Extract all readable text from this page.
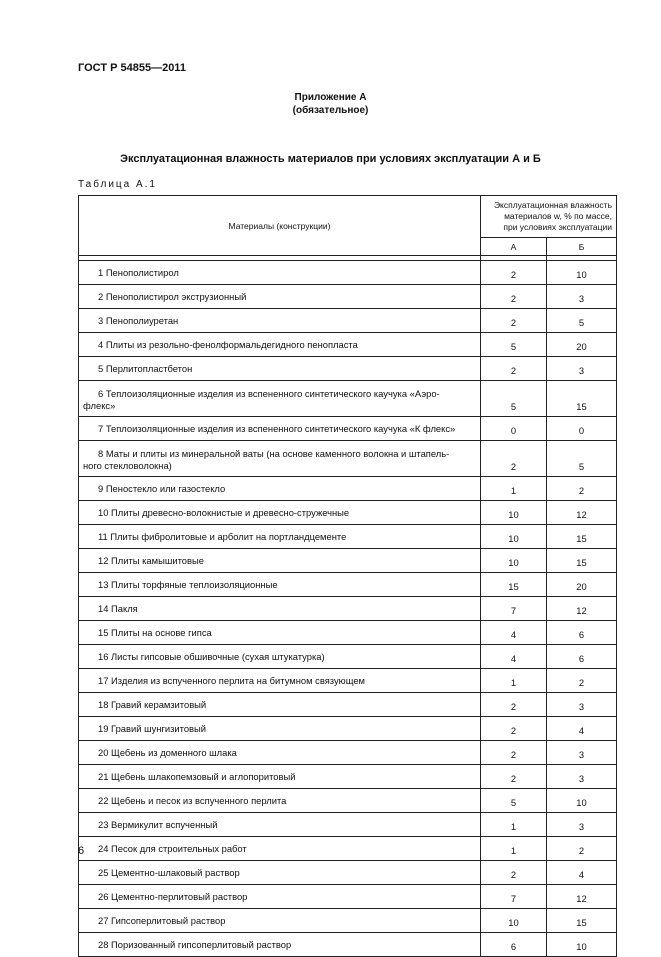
ГОСТ Р 54855—2011
Приложение А
(обязательное)
Эксплуатационная влажность материалов при условиях эксплуатации А и Б
Таблица А.1
Материалы (конструкции)	Эксплуатационная влажность
материалов w, % по массе,
при условиях эксплуатации	

	А	Б

1 Пенополистирол	2	10
2 Пенополистирол экструзионный	2	3
3 Пенополиуретан	2	5
4 Плиты из резольно-фенолформальдегидного пенопласта	5	20
5 Перлитопластбетон	2	3

6 Теплоизоляционные изделия из вспененного синтетического каучука «Аэро-
флекс»	5	15
7 Теплоизоляционные изделия из вспененного синтетического каучука «К флекс»	0	0

8 Маты и плиты из минеральной ваты (на основе каменного волокна и штапель-
ного стекловолокна)	2	5
9 Пеностекло или газостекло	1	2
10 Плиты древесно-волокнистые и древесно-стружечные	10	12
11 Плиты фибролитовые и арболит на портландцементе	10	15
12 Плиты камышитовые	10	15
13 Плиты торфяные теплоизоляционные	15	20
14 Пакля	7	12
15 Плиты на основе гипса	4	6
16 Листы гипсовые обшивочные (сухая штукатурка)	4	6
17 Изделия из вспученного перлита на битумном связующем	1	2
18 Гравий керамзитовый	2	3
19 Гравий шунгизитовый	2	4
20 Щебень из доменного шлака	2	3
21 Щебень шлакопемзовый и аглопоритовый	2	3
22 Щебень и песок из вспученного перлита	5	10
23 Вермикулит вспученный	1	3
24 Песок для строительных работ	1	2
25 Цементно-шлаковый раствор	2	4
26 Цементно-перлитовый раствор	7	12
27 Гипсоперлитовый раствор	10	15
28 Поризованный гипсоперлитовый раствор	6	10
6
